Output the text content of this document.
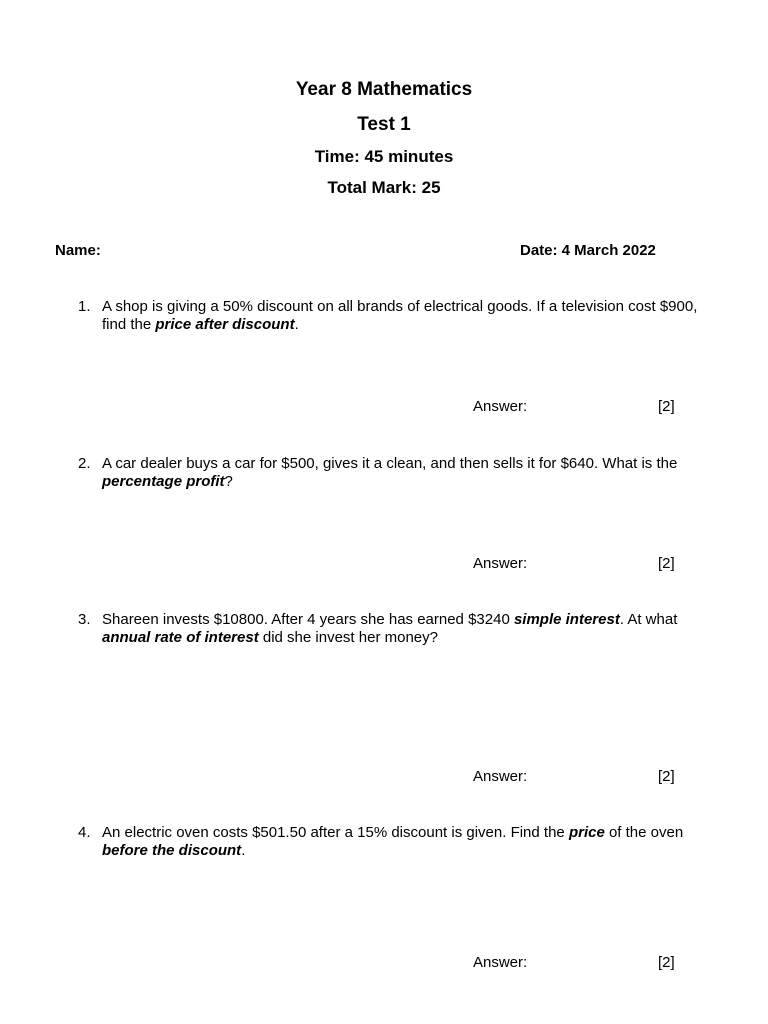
Year 8 Mathematics
Test 1
Time: 45 minutes
Total Mark: 25
Name:	Date: 4 March 2022
1. A shop is giving a 50% discount on all brands of electrical goods. If a television cost $900, find the price after discount.
Answer:	[2]
2. A car dealer buys a car for $500, gives it a clean, and then sells it for $640. What is the percentage profit?
Answer:	[2]
3. Shareen invests $10800. After 4 years she has earned $3240 simple interest. At what annual rate of interest did she invest her money?
Answer:	[2]
4. An electric oven costs $501.50 after a 15% discount is given. Find the price of the oven before the discount.
Answer:	[2]
